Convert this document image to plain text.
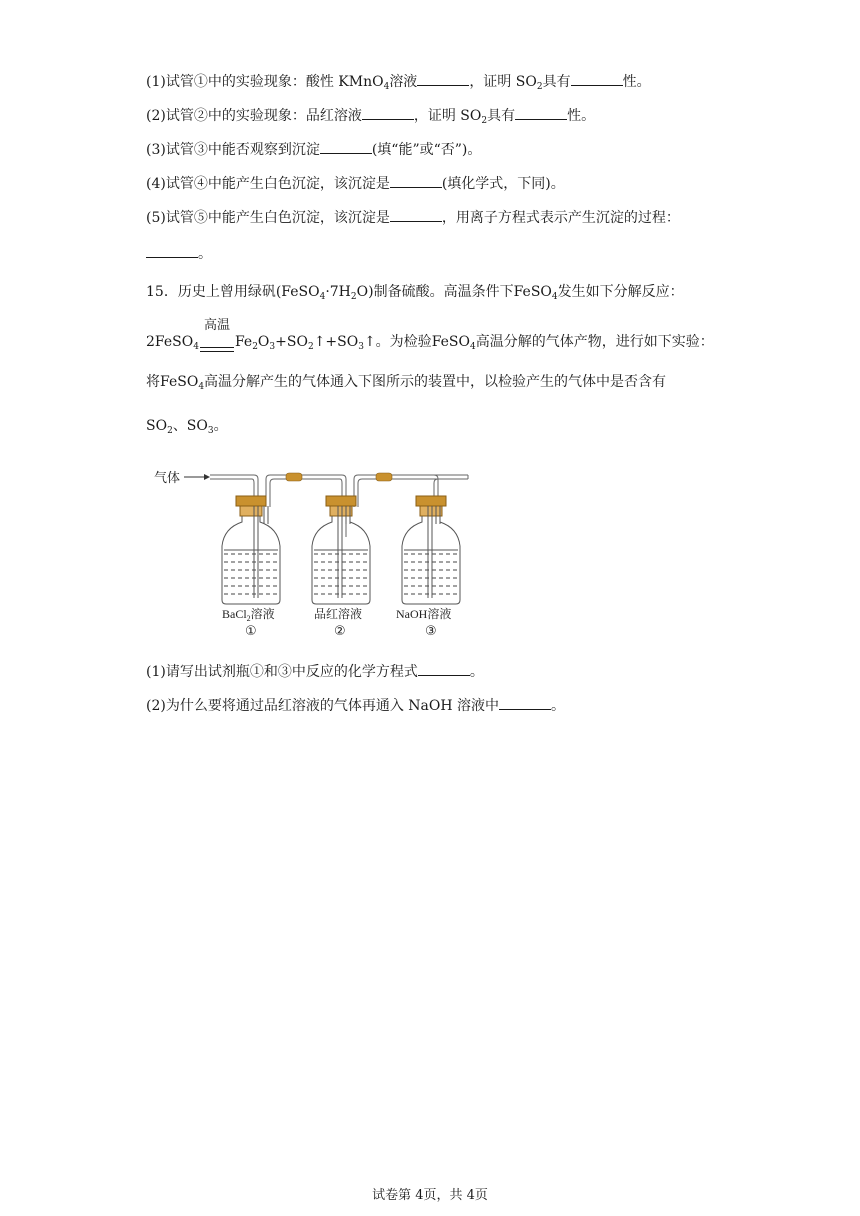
(1)试管①中的实验现象：酸性 KMnO$_4$溶液	，证明 $SO_2$具有	性。
(2)试管②中的实验现象：品红溶液	，证明 $SO_2$具有	性。
(3)试管③中能否观察到沉淀	(填“能”或“否”)。
(4)试管④中能产生白色沉淀，该沉淀是	(填化学式，下同)。
(5)试管⑤中能产生白色沉淀，该沉淀是	，用离子方程式表示产生沉淀的过程：
。
15．历史上曾用绿矾$(FeSO_4\cdot 7H_2O)$制备硫酸。高温条件下FeSO$_4$发生如下分解反应：
2FeSO$_4$
高温

$Fe_2O_3+SO_2↑+SO_3↑$。为检验FeSO$_4$高温分解的气体产物，进行如下实验：
将FeSO$_4$高温分解产生的气体通入下图所示的装置中，以检验产生的气体中是否含有
$SO_2$、$SO_3$。
气体
BaCl$_2$溶液
①
品红溶液
②
NaOH溶液
③
(1)请写出试剂瓶①和③中反应的化学方程式	。
(2)为什么要将通过品红溶液的气体再通入 NaOH 溶液中	。
试卷第 4页，共 4页
